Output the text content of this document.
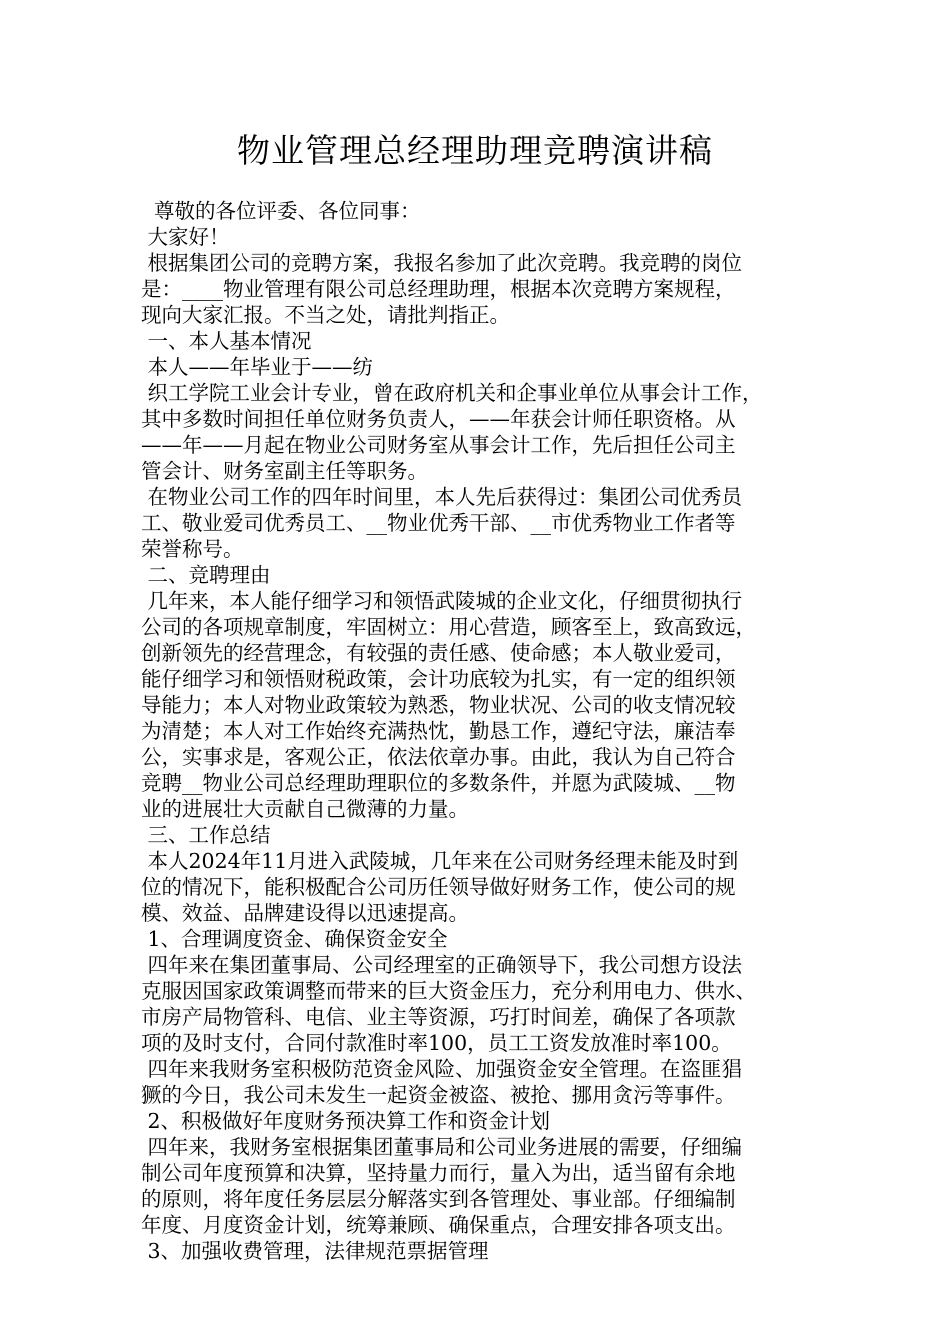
物业管理总经理助理竞聘演讲稿
尊敬的各位评委、各位同事：
大家好！
根据集团公司的竞聘方案，我报名参加了此次竞聘。我竞聘的岗位
是：____物业管理有限公司总经理助理，根据本次竞聘方案规程，
现向大家汇报。不当之处，请批判指正。
一、本人基本情况
本人——年毕业于——纺
织工学院工业会计专业，曾在政府机关和企事业单位从事会计工作，
其中多数时间担任单位财务负责人，——年获会计师任职资格。从
——年——月起在物业公司财务室从事会计工作，先后担任公司主
管会计、财务室副主任等职务。
在物业公司工作的四年时间里，本人先后获得过：集团公司优秀员
工、敬业爱司优秀员工、__物业优秀干部、__市优秀物业工作者等
荣誉称号。
二、竞聘理由
几年来，本人能仔细学习和领悟武陵城的企业文化，仔细贯彻执行
公司的各项规章制度，牢固树立：用心营造，顾客至上，致高致远，
创新领先的经营理念，有较强的责任感、使命感；本人敬业爱司，
能仔细学习和领悟财税政策，会计功底较为扎实，有一定的组织领
导能力；本人对物业政策较为熟悉，物业状况、公司的收支情况较
为清楚；本人对工作始终充满热忱，勤恳工作，遵纪守法，廉洁奉
公，实事求是，客观公正，依法依章办事。由此，我认为自己符合
竞聘__物业公司总经理助理职位的多数条件，并愿为武陵城、__物
业的进展壮大贡献自己微薄的力量。
三、工作总结
本人2024年11月进入武陵城，几年来在公司财务经理未能及时到
位的情况下，能积极配合公司历任领导做好财务工作，使公司的规
模、效益、品牌建设得以迅速提高。
1、合理调度资金、确保资金安全
四年来在集团董事局、公司经理室的正确领导下，我公司想方设法
克服因国家政策调整而带来的巨大资金压力，充分利用电力、供水、
市房产局物管科、电信、业主等资源，巧打时间差，确保了各项款
项的及时支付，合同付款准时率100，员工工资发放准时率100。
四年来我财务室积极防范资金风险、加强资金安全管理。在盗匪猖
獗的今日，我公司未发生一起资金被盗、被抢、挪用贪污等事件。
2、积极做好年度财务预决算工作和资金计划
四年来，我财务室根据集团董事局和公司业务进展的需要，仔细编
制公司年度预算和决算，坚持量力而行，量入为出，适当留有余地
的原则，将年度任务层层分解落实到各管理处、事业部。仔细编制
年度、月度资金计划，统筹兼顾、确保重点，合理安排各项支出。
3、加强收费管理，法律规范票据管理
